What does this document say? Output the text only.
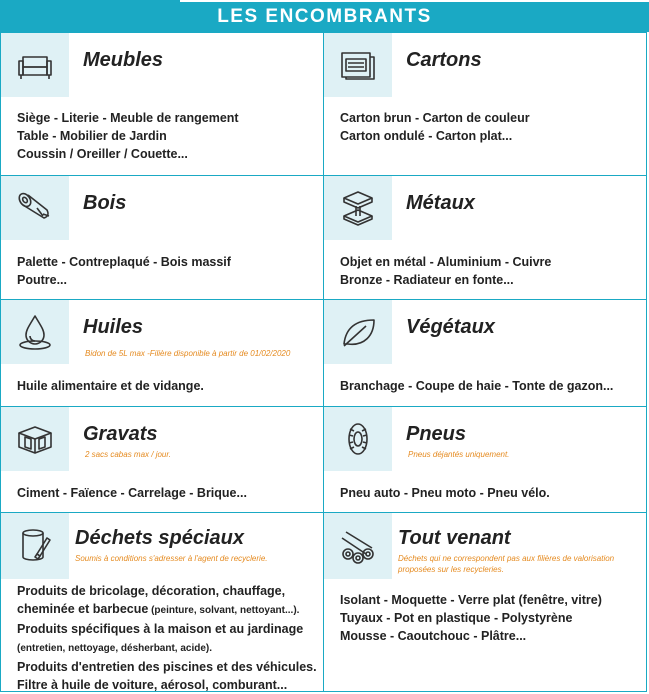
LES ENCOMBRANTS
Meubles
Siège - Literie - Meuble de rangement
Table - Mobilier de Jardin
Coussin / Oreiller / Couette...
Cartons
Carton brun - Carton de couleur
Carton ondulé - Carton plat...
Bois
Palette - Contreplaqué - Bois massif
Poutre...
Métaux
Objet en métal - Aluminium - Cuivre
Bronze - Radiateur en fonte...
Huiles
Bidon de 5L max -Filière disponible à partir de 01/02/2020
Huile alimentaire et de vidange.
Végétaux
Branchage - Coupe de haie - Tonte de gazon...
Gravats
2 sacs cabas max / jour.
Ciment - Faïence - Carrelage - Brique...
Pneus
Pneus déjantés uniquement.
Pneu auto - Pneu moto - Pneu vélo.
Déchets spéciaux
Soumis à conditions s'adresser à l'agent de recyclerie.
Produits de bricolage, décoration, chauffage,
cheminée et barbecue (peinture, solvant, nettoyant...).
Produits spécifiques à la maison et au jardinage
(entretien, nettoyage, désherbant, acide).
Produits d'entretien des piscines et des véhicules.
Filtre à huile de voiture, aérosol, comburant...
Tout venant
Déchets qui ne correspondent pas aux filières de valorisation
proposées sur les recycleries.
Isolant - Moquette - Verre plat (fenêtre, vitre)
Tuyaux - Pot en plastique - Polystyrène
Mousse - Caoutchouc - Plâtre...
